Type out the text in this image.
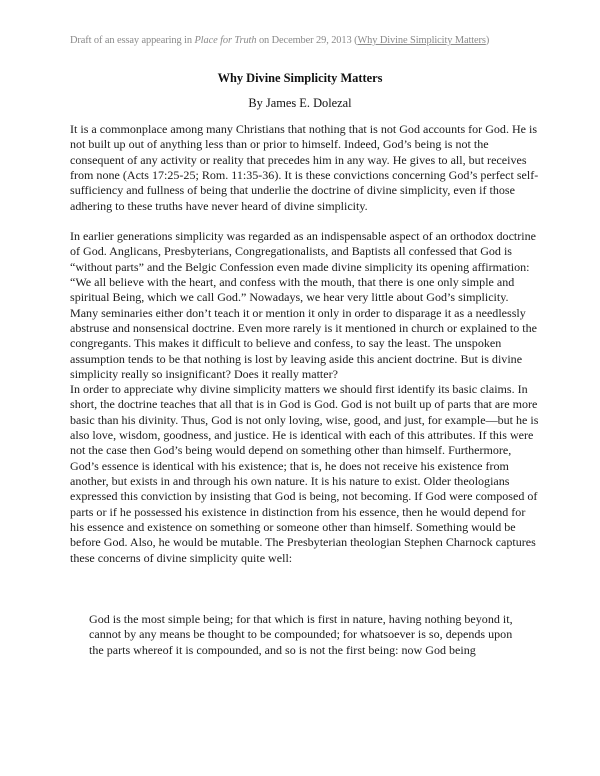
Draft of an essay appearing in Place for Truth on December 29, 2013 (Why Divine Simplicity Matters)
Why Divine Simplicity Matters
By James E. Dolezal
It is a commonplace among many Christians that nothing that is not God accounts for God. He is
not built up out of anything less than or prior to himself. Indeed, God’s being is not the
consequent of any activity or reality that precedes him in any way. He gives to all, but receives
from none (Acts 17:25-25; Rom. 11:35-36). It is these convictions concerning God’s perfect self-
sufficiency and fullness of being that underlie the doctrine of divine simplicity, even if those
adhering to these truths have never heard of divine simplicity.
In earlier generations simplicity was regarded as an indispensable aspect of an orthodox doctrine
of God. Anglicans, Presbyterians, Congregationalists, and Baptists all confessed that God is
“without parts” and the Belgic Confession even made divine simplicity its opening affirmation:
“We all believe with the heart, and confess with the mouth, that there is one only simple and
spiritual Being, which we call God.” Nowadays, we hear very little about God’s simplicity.
Many seminaries either don’t teach it or mention it only in order to disparage it as a needlessly
abstruse and nonsensical doctrine. Even more rarely is it mentioned in church or explained to the
congregants. This makes it difficult to believe and confess, to say the least. The unspoken
assumption tends to be that nothing is lost by leaving aside this ancient doctrine. But is divine
simplicity really so insignificant? Does it really matter?
In order to appreciate why divine simplicity matters we should first identify its basic claims. In
short, the doctrine teaches that all that is in God is God. God is not built up of parts that are more
basic than his divinity. Thus, God is not only loving, wise, good, and just, for example—but he is
also love, wisdom, goodness, and justice. He is identical with each of this attributes. If this were
not the case then God’s being would depend on something other than himself. Furthermore,
God’s essence is identical with his existence; that is, he does not receive his existence from
another, but exists in and through his own nature. It is his nature to exist. Older theologians
expressed this conviction by insisting that God is being, not becoming. If God were composed of
parts or if he possessed his existence in distinction from his essence, then he would depend for
his essence and existence on something or someone other than himself. Something would be
before God. Also, he would be mutable. The Presbyterian theologian Stephen Charnock captures
these concerns of divine simplicity quite well:
God is the most simple being; for that which is first in nature, having nothing beyond it,
cannot by any means be thought to be compounded; for whatsoever is so, depends upon
the parts whereof it is compounded, and so is not the first being: now God being
